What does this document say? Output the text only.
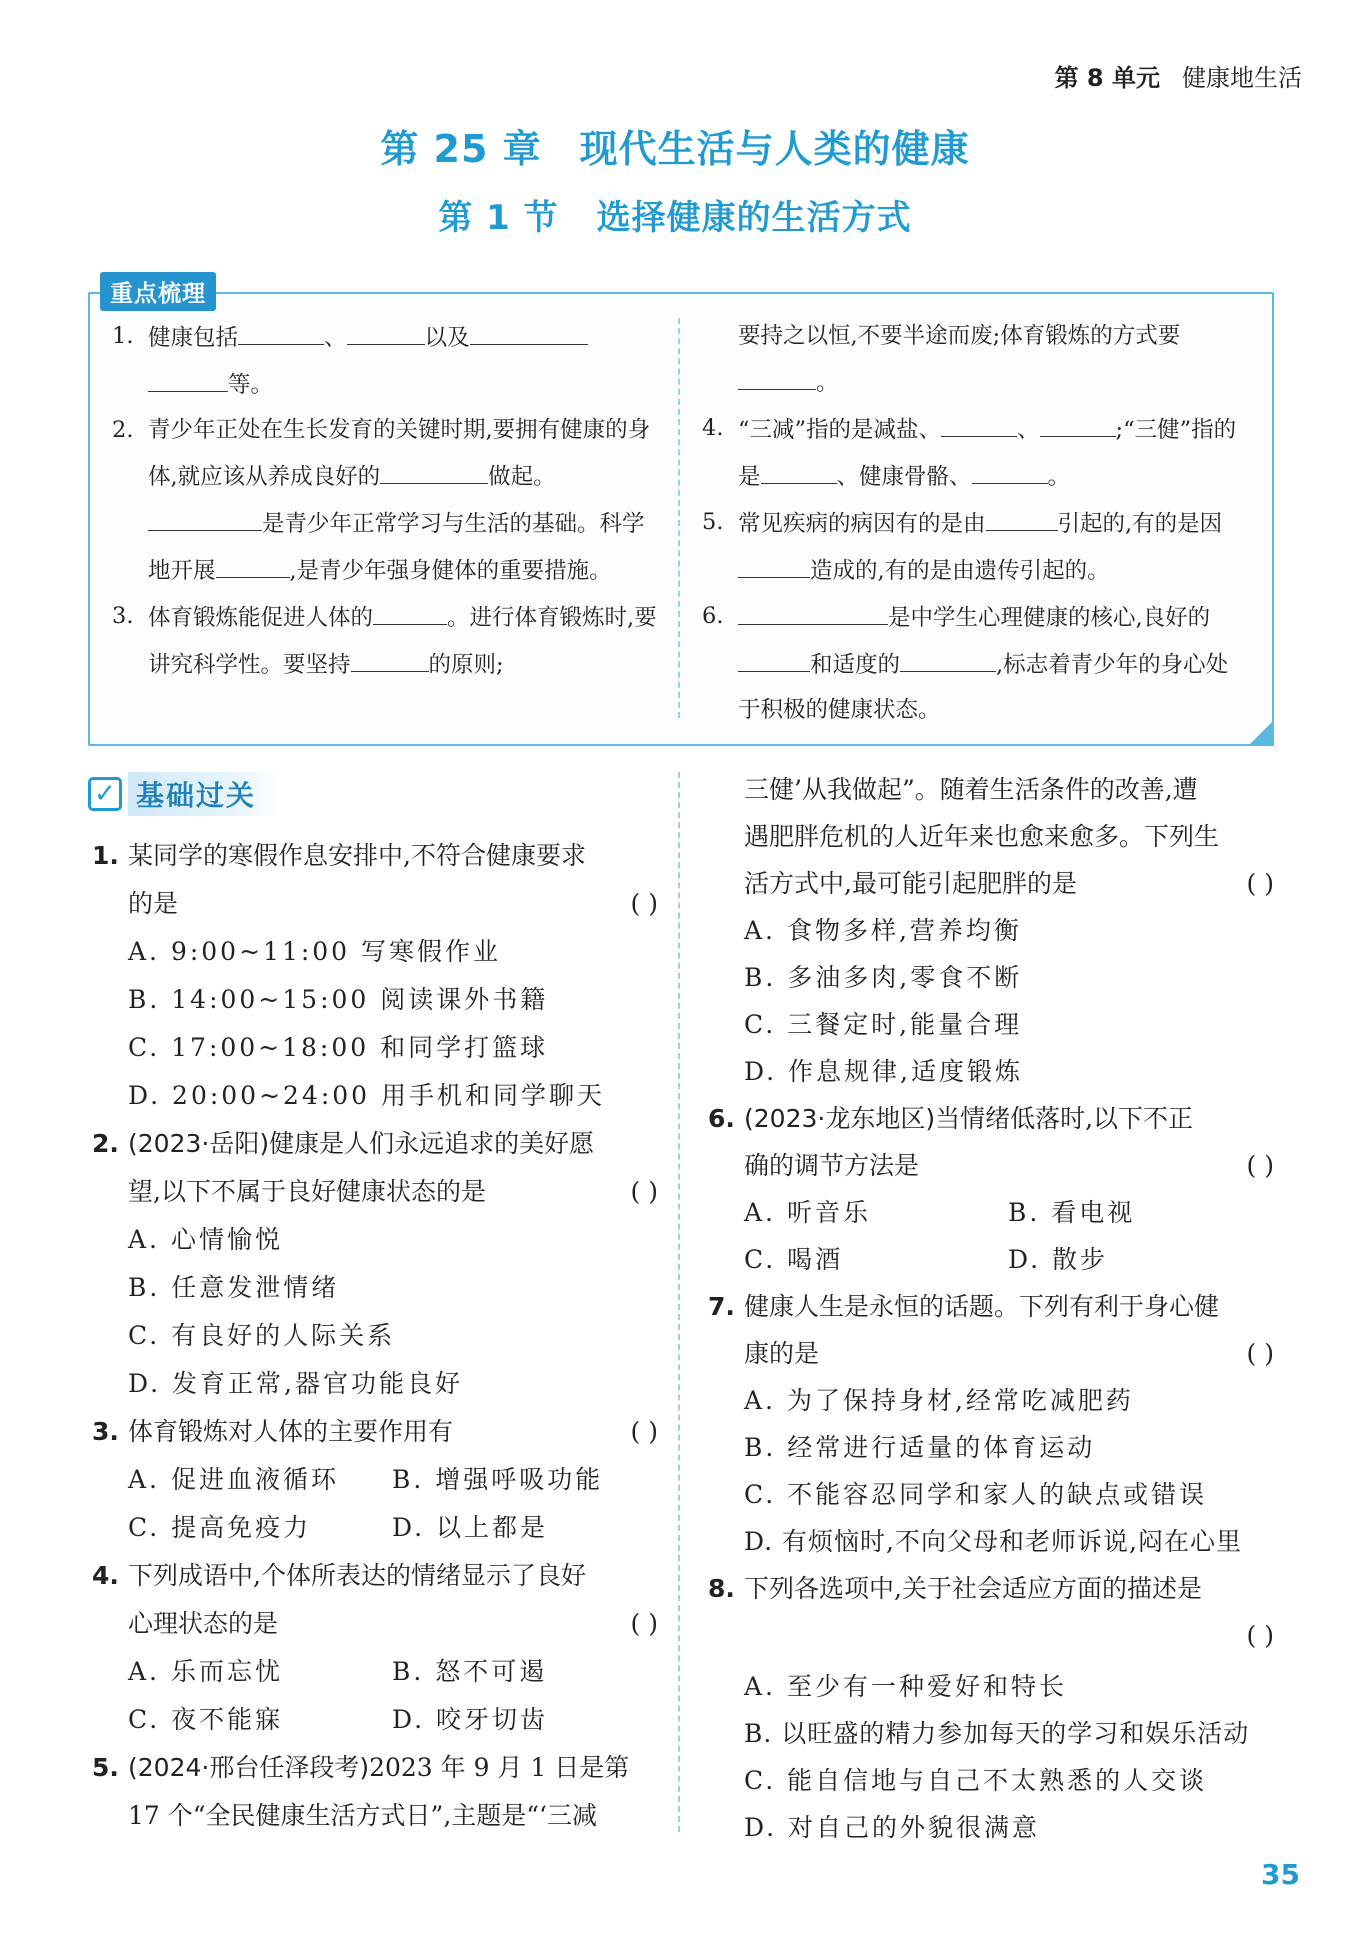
第 8 单元 健康地生活
第 25 章 现代生活与人类的健康
第 1 节 选择健康的生活方式
重点梳理
1. 健康包括	、	以及
等。
2. 青少年正处在生长发育的关键时期,要拥有健康的身体,就应该从养成良好的	做起。
是青少年正常学习与生活的基础。科学地开展	,是青少年强身健体的重要措施。
3. 体育锻炼能促进人体的	。进行体育锻炼时,要讲究科学性。要坚持	的原则;
要持之以恒,不要半途而废;体育锻炼的方式要。
4. “三减”指的是减盐、	、	;“三健”指的是	、健康骨骼、	。
5. 常见疾病的病因有的是由	引起的,有的是因造成的,有的是由遗传引起的。
6.	是中学生心理健康的核心,良好的和适度的	,标志着青少年的身心处于积极的健康状态。
✓ 基础过关
1. 某同学的寒假作息安排中,不符合健康要求
的是	( )
A. 9:00~11:00 写寒假作业
B. 14:00~15:00 阅读课外书籍
C. 17:00~18:00 和同学打篮球
D. 20:00~24:00 用手机和同学聊天
2. (2023·岳阳)健康是人们永远追求的美好愿
望,以下不属于良好健康状态的是	( )
A. 心情愉悦
B. 任意发泄情绪
C. 有良好的人际关系
D. 发育正常,器官功能良好
3. 体育锻炼对人体的主要作用有	( )
A. 促进血液循环	B. 增强呼吸功能
C. 提高免疫力	D. 以上都是
4. 下列成语中,个体所表达的情绪显示了良好
心理状态的是	( )
A. 乐而忘忧	B. 怒不可遏
C. 夜不能寐	D. 咬牙切齿
5. (2024·邢台任泽段考)2023 年 9 月 1 日是第
17 个“全民健康生活方式日”,主题是“‘三减
三健’从我做起”。随着生活条件的改善,遭
遇肥胖危机的人近年来也愈来愈多。下列生
活方式中,最可能引起肥胖的是	( )
A. 食物多样,营养均衡
B. 多油多肉,零食不断
C. 三餐定时,能量合理
D. 作息规律,适度锻炼
6. (2023·龙东地区)当情绪低落时,以下不正
确的调节方法是	( )
A. 听音乐	B. 看电视
C. 喝酒	D. 散步
7. 健康人生是永恒的话题。下列有利于身心健
康的是	( )
A. 为了保持身材,经常吃减肥药
B. 经常进行适量的体育运动
C. 不能容忍同学和家人的缺点或错误
D. 有烦恼时,不向父母和老师诉说,闷在心里
8. 下列各选项中,关于社会适应方面的描述是
( )
A. 至少有一种爱好和特长
B. 以旺盛的精力参加每天的学习和娱乐活动
C. 能自信地与自己不太熟悉的人交谈
D. 对自己的外貌很满意
35
